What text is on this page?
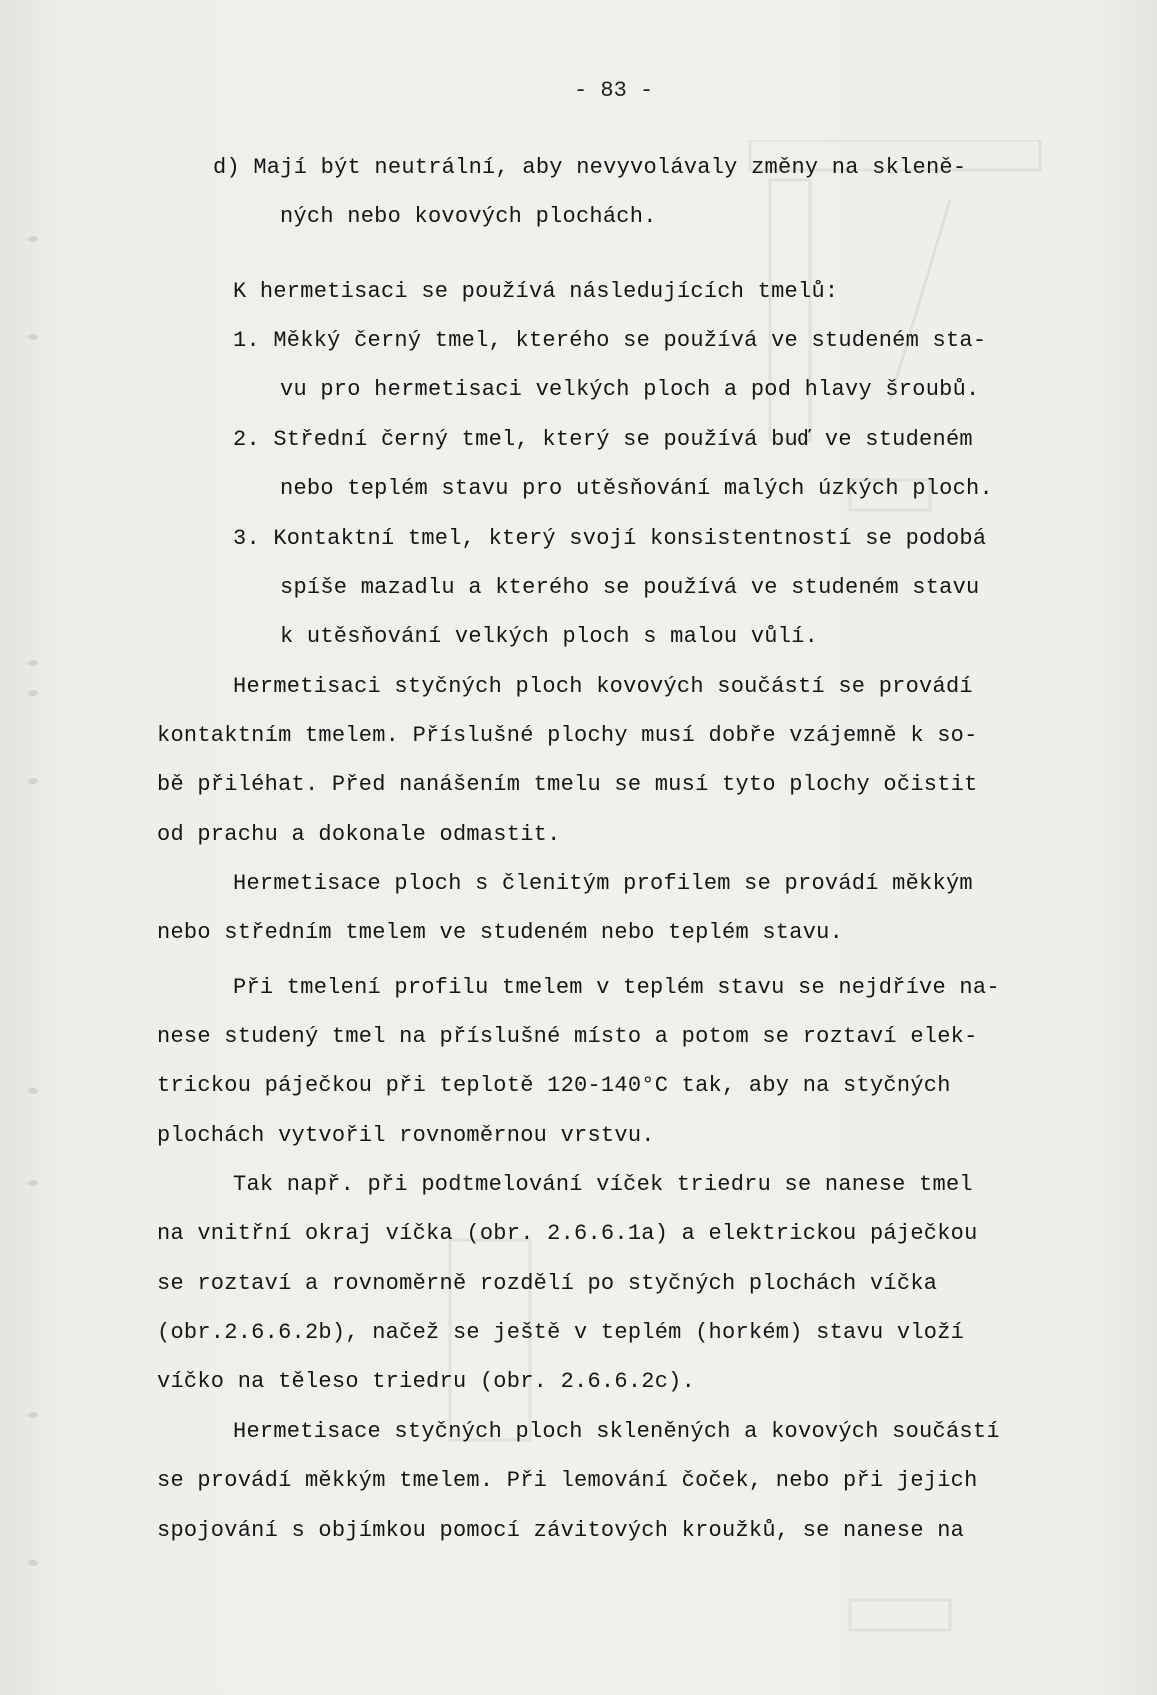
- 83 -

d) Mají být neutrální, aby nevyvolávaly změny na skleně-

ných nebo kovových plochách.

K hermetisaci se používá následujících tmelů:

1. Měkký černý tmel, kterého se používá ve studeném sta-

vu pro hermetisaci velkých ploch a pod hlavy šroubů.

2. Střední černý tmel, který se používá buď ve studeném

nebo teplém stavu pro utěsňování malých úzkých ploch.

3. Kontaktní tmel, který svojí konsistentností se podobá

spíše mazadlu a kterého se používá ve studeném stavu

k utěsňování velkých ploch s malou vůlí.

Hermetisaci styčných ploch kovových součástí se provádí

kontaktním tmelem. Příslušné plochy musí dobře vzájemně k so-

bě přiléhat. Před nanášením tmelu se musí tyto plochy očistit

od prachu a dokonale odmastit.

Hermetisace ploch s členitým profilem se provádí měkkým

nebo středním tmelem ve studeném nebo teplém stavu.

Při tmelení profilu tmelem v teplém stavu se nejdříve na-

nese studený tmel na příslušné místo a potom se roztaví elek-

trickou páječkou při teplotě 120-140°C tak, aby na styčných

plochách vytvořil rovnoměrnou vrstvu.

Tak např. při podtmelování víček triedru se nanese tmel

na vnitřní okraj víčka (obr. 2.6.6.1a) a elektrickou páječkou

se roztaví a rovnoměrně rozdělí po styčných plochách víčka

(obr.2.6.6.2b), načež se ještě v teplém (horkém) stavu vloží

víčko na těleso triedru (obr. 2.6.6.2c).

Hermetisace styčných ploch skleněných a kovových součástí

se provádí měkkým tmelem. Při lemování čoček, nebo při jejich

spojování s objímkou pomocí závitových kroužků, se nanese na
